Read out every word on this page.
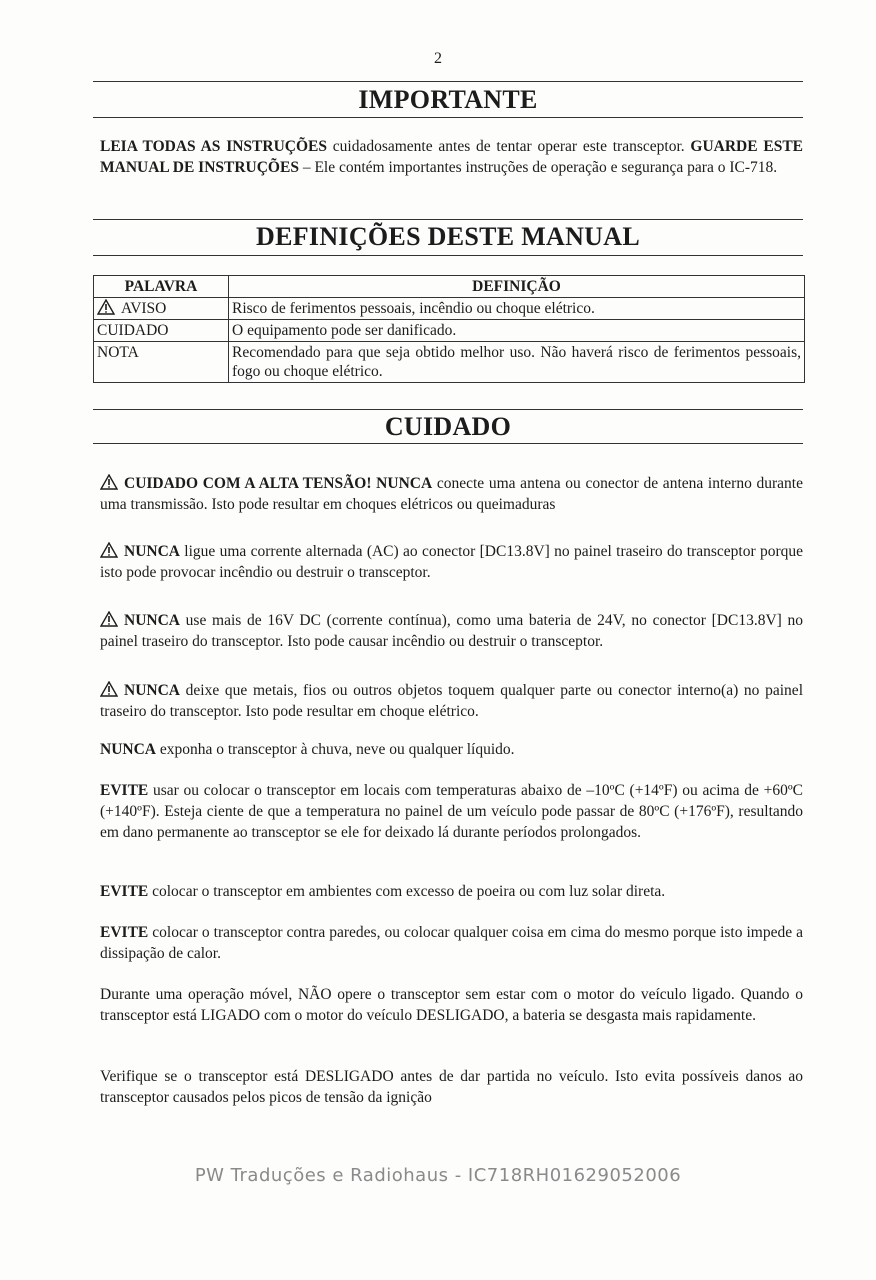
2
IMPORTANTE

LEIA TODAS AS INSTRUÇÕES cuidadosamente antes de tentar operar este transceptor. GUARDE ESTE MANUAL DE INSTRUÇÕES – Ele contém importantes instruções de operação e segurança para o IC-718.

DEFINIÇÕES DESTE MANUAL
PALAVRA	DEFINIÇÃO
AVISO	Risco de ferimentos pessoais, incêndio ou choque elétrico.
CUIDADO	O equipamento pode ser danificado.
NOTA	Recomendado para que seja obtido melhor uso. Não haverá risco de ferimentos pessoais, fogo ou choque elétrico.
CUIDADO

CUIDADO COM A ALTA TENSÃO! NUNCA conecte uma antena ou conector de antena interno durante uma transmissão. Isto pode resultar em choques elétricos ou queimaduras

NUNCA ligue uma corrente alternada (AC) ao conector [DC13.8V] no painel traseiro do transceptor porque isto pode provocar incêndio ou destruir o transceptor.

NUNCA use mais de 16V DC (corrente contínua), como uma bateria de 24V, no conector [DC13.8V] no painel traseiro do transceptor. Isto pode causar incêndio ou destruir o transceptor.

NUNCA deixe que metais, fios ou outros objetos toquem qualquer parte ou conector interno(a) no painel traseiro do transceptor. Isto pode resultar em choque elétrico.

NUNCA exponha o transceptor à chuva, neve ou qualquer líquido.

EVITE usar ou colocar o transceptor em locais com temperaturas abaixo de –10ºC (+14ºF) ou acima de +60ºC (+140ºF). Esteja ciente de que a temperatura no painel de um veículo pode passar de 80ºC (+176ºF), resultando em dano permanente ao transceptor se ele for deixado lá durante períodos prolongados.

EVITE colocar o transceptor em ambientes com excesso de poeira ou com luz solar direta.

EVITE colocar o transceptor contra paredes, ou colocar qualquer coisa em cima do mesmo porque isto impede a dissipação de calor.

Durante uma operação móvel, NÃO opere o transceptor sem estar com o motor do veículo ligado. Quando o transceptor está LIGADO com o motor do veículo DESLIGADO, a bateria se desgasta mais rapidamente.

Verifique se o transceptor está DESLIGADO antes de dar partida no veículo. Isto evita possíveis danos ao transceptor causados pelos picos de tensão da ignição

PW Traduções e Radiohaus - IC718RH01629052006
